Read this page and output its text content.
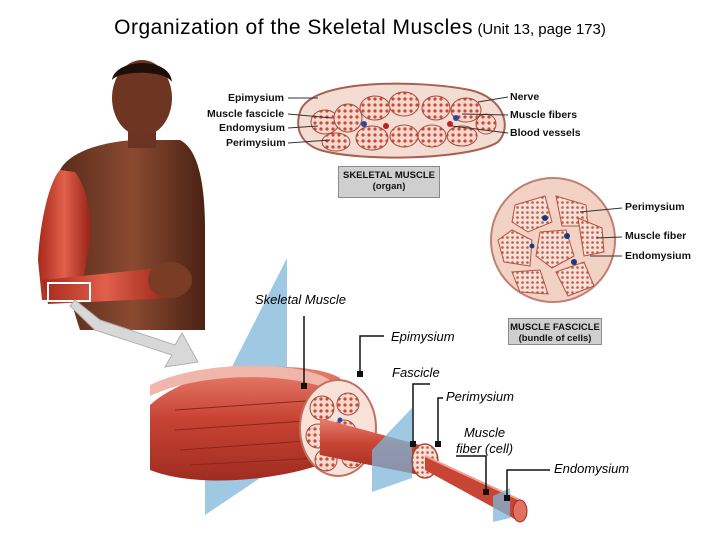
Organization of the Skeletal Muscles (Unit 13, page 173)
Epimysium
Muscle fascicle
Endomysium
Perimysium
Nerve
Muscle fibers
Blood vessels
SKELETAL MUSCLE
(organ)
Perimysium
Muscle fiber
Endomysium
MUSCLE FASCICLE
(bundle of cells)
Skeletal Muscle
Epimysium
Fascicle
Perimysium
Muscle
fiber (cell)
Endomysium
